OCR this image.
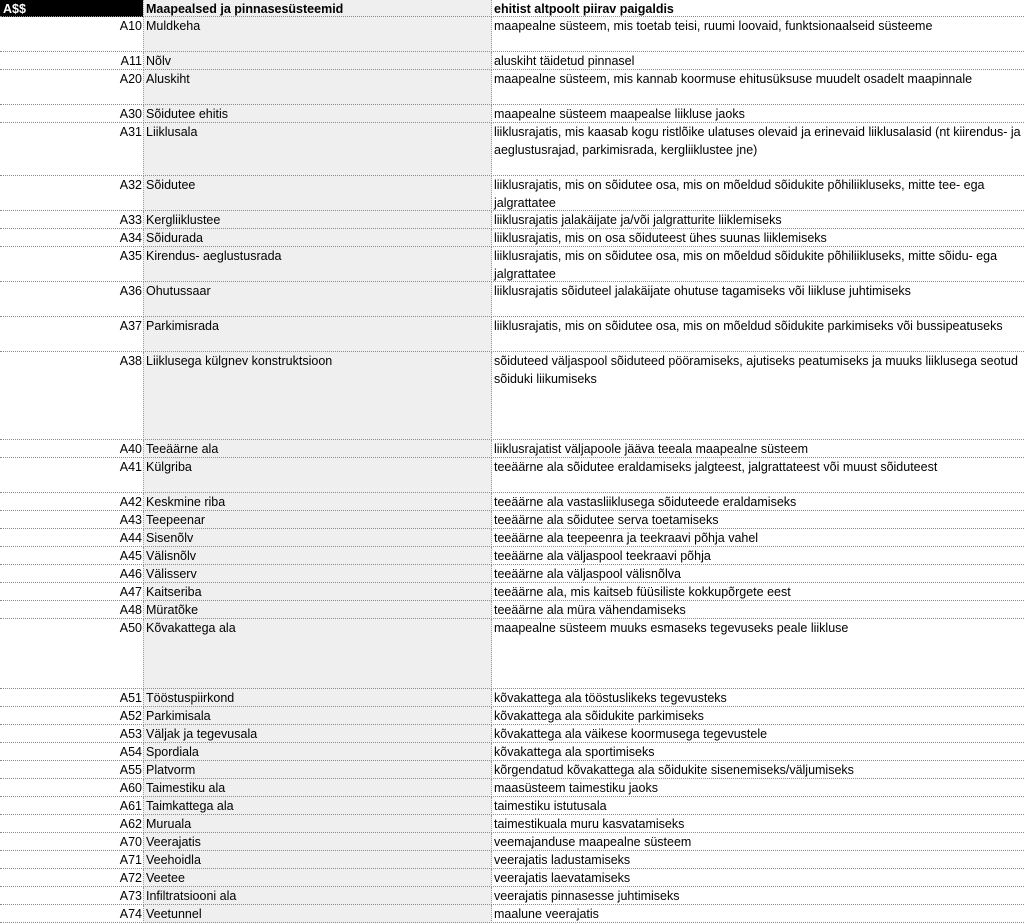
A$$	Maapealsed ja pinnasesüsteemid	ehitist altpoolt piirav paigaldis
A10 Muldkeha	maapealne süsteem, mis toetab teisi, ruumi loovaid, funktsionaalseid süsteeme
A11 Nõlv	aluskiht täidetud pinnasel
A20 Aluskiht	maapealne süsteem, mis kannab koormuse ehitusüksuse muudelt osadelt maapinnale
A30 Sõidutee ehitis	maapealne süsteem maapealse liikluse jaoks
A31 Liiklusala	liiklusrajatis, mis kaasab kogu ristlõike ulatuses olevaid ja erinevaid liiklusalasid (nt kiirendus- ja aeglustusrajad, parkimisrada, kergliiklustee jne)
A32 Sõidutee	liiklusrajatis, mis on sõidutee osa, mis on mõeldud sõidukite põhiliikluseks, mitte tee- ega jalgrattatee
A33 Kergliiklustee	liiklusrajatis jalakäijate ja/või jalgratturite liiklemiseks
A34 Sõidurada	liiklusrajatis, mis on osa sõiduteest ühes suunas liiklemiseks
A35 Kirendus- aeglustusrada	liiklusrajatis, mis on sõidutee osa, mis on mõeldud sõidukite põhiliikluseks, mitte sõidu- ega jalgrattatee
A36 Ohutussaar	liiklusrajatis sõiduteel jalakäijate ohutuse tagamiseks või liikluse juhtimiseks
A37 Parkimisrada	liiklusrajatis, mis on sõidutee osa, mis on mõeldud sõidukite parkimiseks või bussipeatuseks
A38 Liiklusega külgnev konstruktsioon	sõiduteed väljaspool sõiduteed pööramiseks, ajutiseks peatumiseks ja muuks liiklusega seotud sõiduki liikumiseks
A40 Teeäärne ala	liiklusrajatist väljapoole jääva teeala maapealne süsteem
A41 Külgriba	teeäärne ala sõidutee eraldamiseks jalgteest, jalgrattateest või muust sõiduteest
A42 Keskmine riba	teeäärne ala vastasliiklusega sõiduteede eraldamiseks
A43 Teepeenar	teeäärne ala sõidutee serva toetamiseks
A44 Sisenõlv	teeäärne ala teepeenra ja teekraavi põhja vahel
A45 Välisnõlv	teeäärne ala väljaspool teekraavi põhja
A46 Välisserv	teeäärne ala väljaspool välisnõlva
A47 Kaitseriba	teeäärne ala, mis kaitseb füüsiliste kokkupõrgete eest
A48 Müratõke	teeäärne ala müra vähendamiseks
A50 Kõvakattega ala	maapealne süsteem muuks esmaseks tegevuseks peale liikluse
A51 Tööstuspiirkond	kõvakattega ala tööstuslikeks tegevusteks
A52 Parkimisala	kõvakattega ala sõidukite parkimiseks
A53 Väljak ja tegevusala	kõvakattega ala väikese koormusega tegevustele
A54 Spordiala	kõvakattega ala sportimiseks
A55 Platvorm	kõrgendatud kõvakattega ala sõidukite sisenemiseks/väljumiseks
A60 Taimestiku ala	maasüsteem taimestiku jaoks
A61 Taimkattega ala	taimestiku istutusala
A62 Muruala	taimestikuala muru kasvatamiseks
A70 Veerajatis	veemajanduse maapealne süsteem
A71 Veehoidla	veerajatis ladustamiseks
A72 Veetee	veerajatis laevatamiseks
A73 Infiltratsiooni ala	veerajatis pinnasesse juhtimiseks
A74 Veetunnel	maalune veerajatis
